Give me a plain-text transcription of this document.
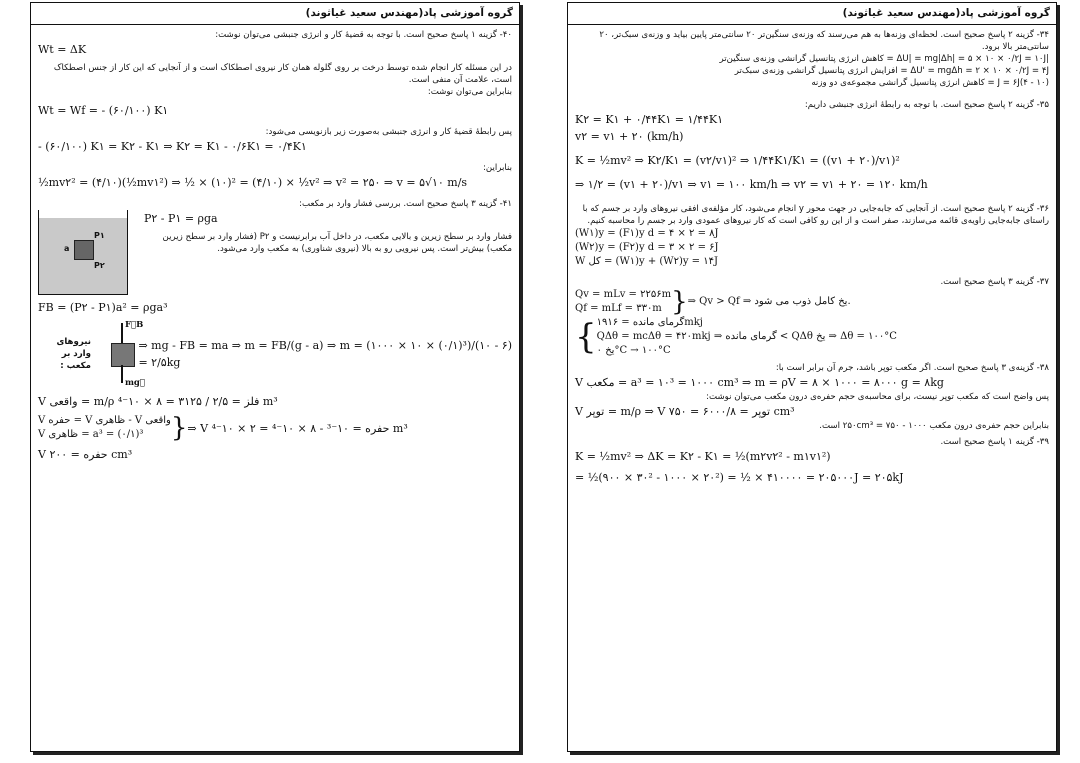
گروه آموزشی پاد(مهندس سعید غیاثوند)
۴۰- گزینه ۱ پاسخ صحیح است. با توجه به قضیهٔ کار و انرژی جنبشی می‌توان نوشت:
Wt = ΔK
در این مسئله کار انجام شده توسط درخت بر روی گلوله همان کار نیروی اصطکاک است و از آنجایی که این کار از جنس اصطکاک است، علامت آن منفی است.
بنابراین می‌توان نوشت:
Wt = Wf = - (۶۰/۱۰۰) K۱
پس رابطهٔ قضیهٔ کار و انرژی جنبشی به‌صورت زیر بازنویسی می‌شود:
- (۶۰/۱۰۰) K۱ = K۲ - K۱ ⇒ K۲ = K۱ - ۰/۶K۱ = ۰/۴K۱
بنابراین:
½mv۲² = (۴/۱۰)(½mv۱²) ⇒ ½ × (۱۰)² = (۴/۱۰) × ½v² ⇒ v² = ۲۵۰ ⇒ v = ۵√۱۰ m/s
۴۱- گزینه ۳ پاسخ صحیح است. بررسی فشار وارد بر مکعب:
P۱
P۲
a
P۲ - P۱ = ρga
فشار وارد بر سطح زیرین و بالایی مکعب، در داخل آب برابرنیست و P۲ (فشار وارد بر سطح زیرین مکعب) بیش‌تر است. پس نیرویی رو به بالا (نیروی شناوری) به مکعب وارد می‌شود.
FB = (P۲ - P۱)a² = ρga³
نیروهای وارد بر مکعب :
F⃗B
mg⃗
⇒ mg - FB = ma ⇒ m = FB/(g - a) ⇒ m = (۱۰۰۰ × ۱۰ × (۰/۱)³)/(۱۰ - ۶)
= ۲/۵kg
V واقعی = m/ρ فلز = ۲/۵ / ۳۱۲۵ = ۸ × ۱۰⁻⁴ m³
V حفره = V ظاهری - V واقعی
V ظاهری = a³ = (۰/۱)³	} ⇒ V حفره = ۱۰⁻³ - ۸ × ۱۰⁻⁴ = ۲ × ۱۰⁻⁴ m³
V حفره = ۲۰۰ cm³
گروه آموزشی پاد(مهندس سعید غیاثوند)
۳۴- گزینه ۲ پاسخ صحیح است. لحظه‌ای وزنه‌ها به هم می‌رسند که وزنه‌ی سنگین‌تر ۲۰ سانتی‌متر پایین بیاید و وزنه‌ی سبک‌تر، ۲۰ سانتی‌متر بالا برود.
|ΔU| = mg|Δh| = ۵ × ۱۰ × ۰/۲J = ۱۰J = کاهش انرژی پتانسیل گرانشی وزنه‌ی سنگین‌تر
ΔU' = mgΔh = ۲ × ۱۰ × ۰/۲J = ۴J = افزایش انرژی پتانسیل گرانشی وزنه‌ی سبک‌تر
(۱۰ - ۴)J = ۶J = کاهش انرژی پتانسیل گرانشی مجموعه‌ی دو وزنه
۳۵- گزینه ۲ پاسخ صحیح است. با توجه به رابطهٔ انرژی جنبشی داریم:
K۲ = K۱ + ۰/۴۴K۱ = ۱/۴۴K۱
v۲ = v۱ + ۲۰ (km/h)
K = ½mv² ⇒ K۲/K۱ = (v۲/v۱)² ⇒ ۱/۴۴K۱/K۱ = ((v۱ + ۲۰)/v۱)²
⇒ ۱/۲ = (v۱ + ۲۰)/v۱ ⇒ v۱ = ۱۰۰ km/h ⇒ v۲ = v۱ + ۲۰ = ۱۲۰ km/h
۳۶- گزینه ۲ پاسخ صحیح است. از آنجایی که جابه‌جایی در جهت محور y انجام می‌شود، کار مؤلفه‌ی افقی نیروهای وارد بر جسم که با راستای جابه‌جایی زاویه‌ی قائمه می‌سازند، صفر است و از این رو کافی است که کار نیروهای عمودی وارد بر جسم را محاسبه کنیم.
(W۱)y = (F۱)y d = ۴ × ۲ = ۸J
(W۲)y = (F۲)y d = ۳ × ۲ = ۶J
W کل = (W۱)y + (W۲)y = ۱۴J
۳۷- گزینه ۳ پاسخ صحیح است.
Qv = mLv = ۲۲۵۶m
Qf = mLf = ۳۳۰m } ⇒ Qv > Qf ⇒ یخ کامل ذوب می شود.
{ گرمای مانده = ۱۹۱۶mkj
QΔθ = mcΔθ = ۴۲۰mkj ⇒ گرمای مانده < QΔθ یخ ⇒ Δθ = ۱۰۰°C
یخ ۰°C → ۱۰۰°C
۳۸- گزینه‌ی ۳ پاسخ صحیح است. اگر مکعب توپر باشد، جرم آن برابر است با:
V مکعب = a³ = ۱۰³ = ۱۰۰۰ cm³ ⇒ m = ρV = ۸ × ۱۰۰۰ = ۸۰۰۰ g = ۸kg
پس واضح است که مکعب توپر نیست، برای محاسبه‌ی حجم حفره‌ی درون مکعب می‌توان نوشت:
V توپر = m/ρ ⇒ V توپر = ۶۰۰۰/۸ = ۷۵۰ cm³
بنابراین حجم حفره‌ی درون مکعب ۲۵۰cm³ = ۷۵۰ - ۱۰۰۰ است.
۳۹- گزینه ۱ پاسخ صحیح است.
K = ½mv² ⇒ ΔK = K۲ - K۱ = ½(m۲v۲² - m۱v۱²)
= ½(۹۰۰ × ۳۰² - ۱۰۰۰ × ۲۰²) = ½ × ۴۱۰۰۰۰ = ۲۰۵۰۰۰J = ۲۰۵kJ
